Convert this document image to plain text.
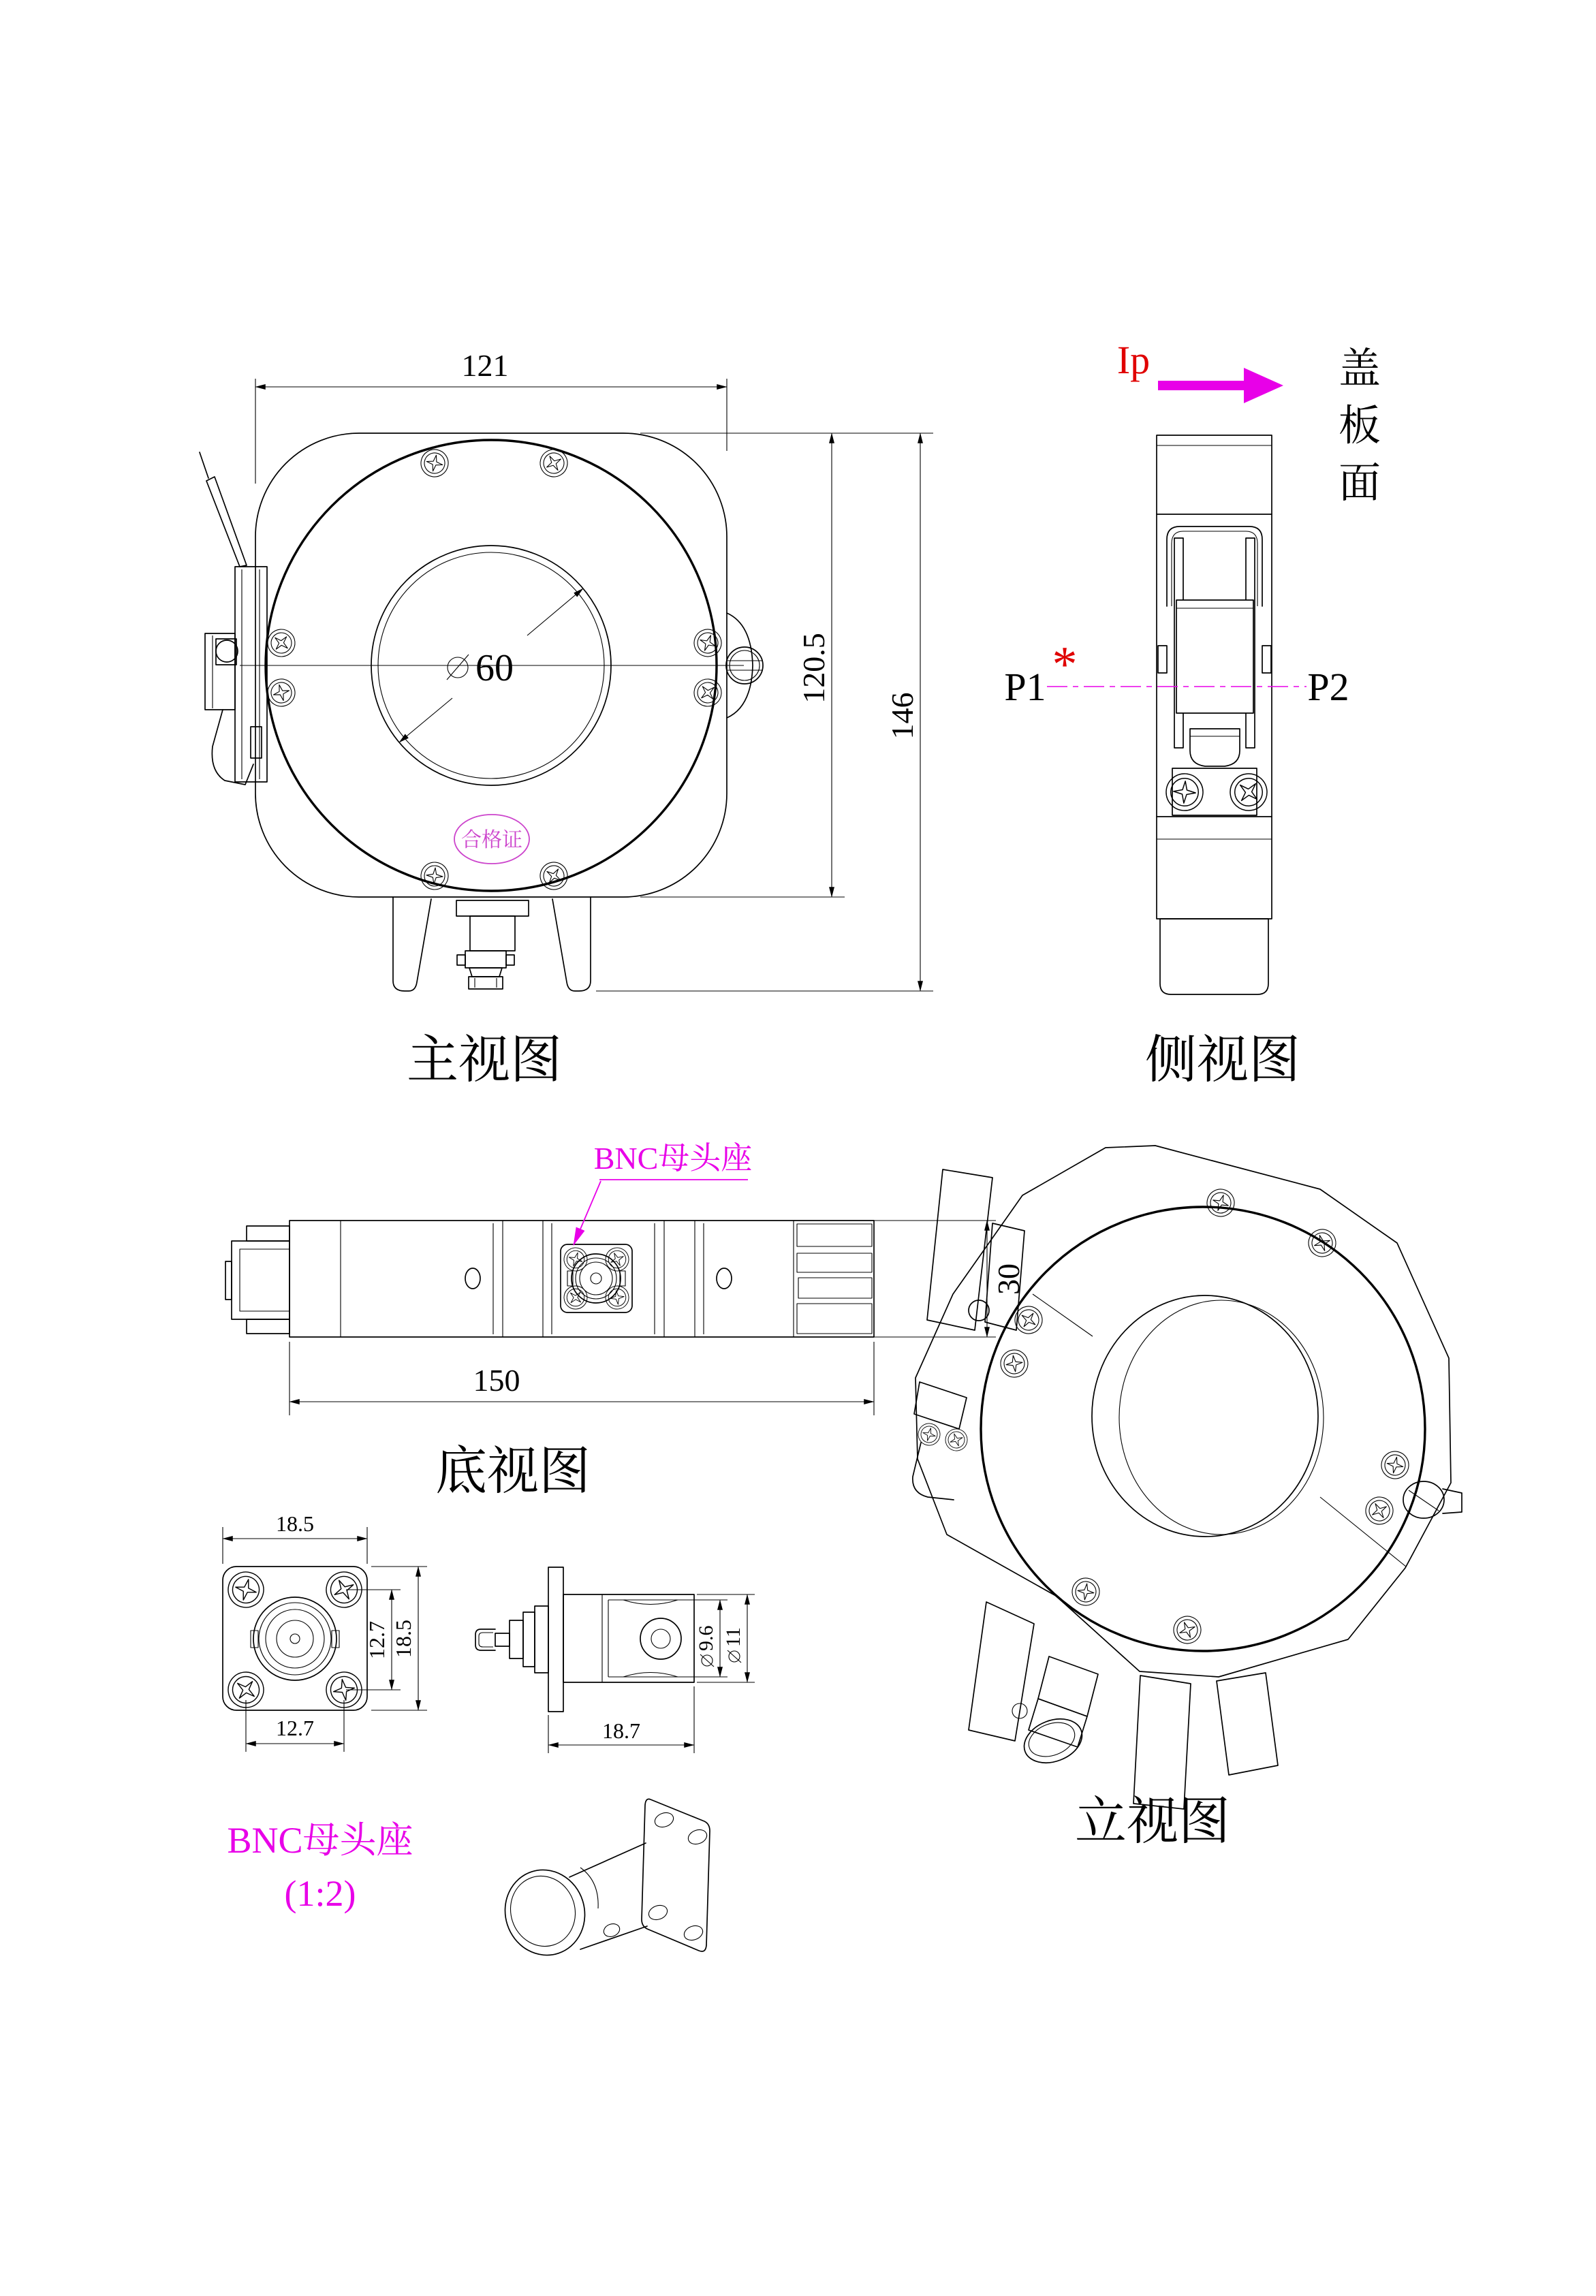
合格证
121
60	120.5
146
主视图
P1	P2
*
Ip	盖
板
面
侧视图
BNC母头座
30
150
底视图
18.5
12.7 18.5
12.7
9.6 11
18.7
BNC母头座
(1:2)
立视图
